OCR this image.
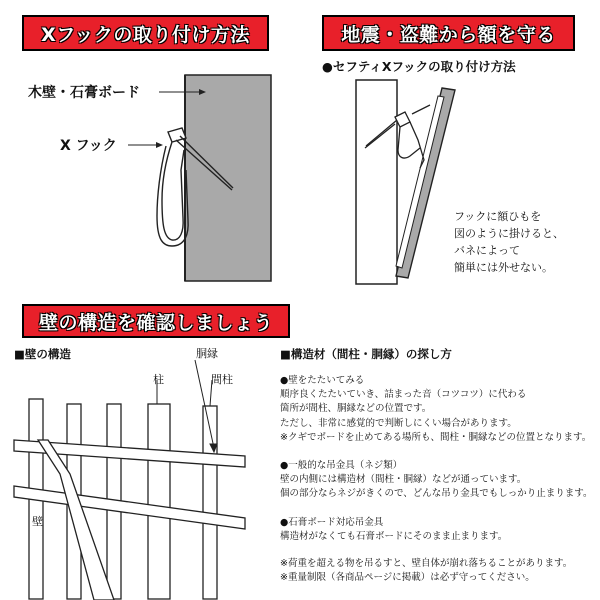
Xフックの取り付け方法
木壁・石膏ボード
X フック
地震・盗難から額を守る
●セフティXフックの取り付け方法
フックに額ひもを
図のように掛けると、
バネによって
簡単には外せない。
壁の構造を確認しましょう
■壁の構造	胴縁
柱	間柱
壁
■構造材（間柱・胴縁）の探し方
●壁をたたいてみる
順序良くたたいていき、詰まった音（コツコツ）に代わる
箇所が間柱、胴縁などの位置です。
ただし、非常に感覚的で判断しにくい場合があります。
※クギでボードを止めてある場所も、間柱・胴縁などの位置となります。
●一般的な吊金具（ネジ類）
壁の内側には構造材（間柱・胴縁）などが通っています。
個の部分ならネジがきくので、どんな吊り金具でもしっかり止まります。
●石膏ボード対応吊金具
構造材がなくても石膏ボードにそのまま止まります。
※荷重を超える物を吊るすと、壁自体が崩れ落ちることがあります。
※重量制限（各商品ページに掲載）は必ず守ってください。
